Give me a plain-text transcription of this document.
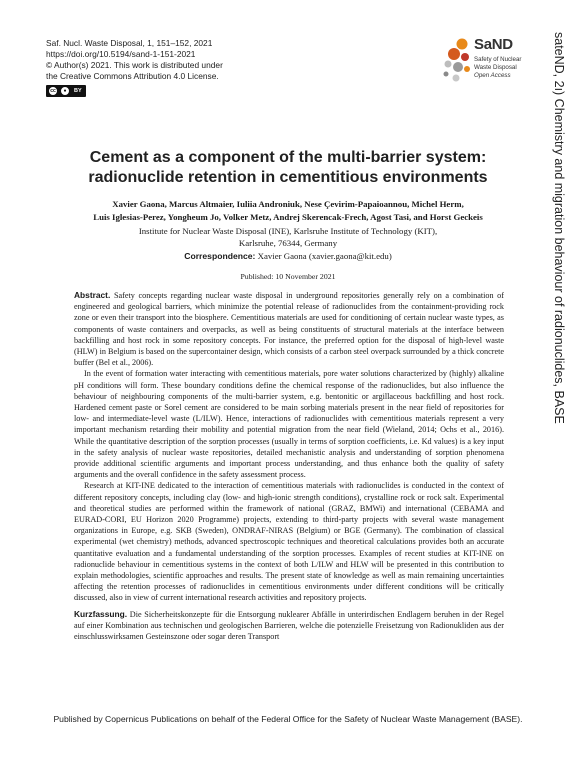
Saf. Nucl. Waste Disposal, 1, 151–152, 2021
https://doi.org/10.5194/sand-1-151-2021
© Author(s) 2021. This work is distributed under
the Creative Commons Attribution 4.0 License.
cc	●	BY
SaND
Safety of Nuclear
Waste Disposal
Open Access	sateND, 2ı) Chemistry and migration behaviour of radionuclides, BASE
Cement as a component of the multi-barrier system:
radionuclide retention in cementitious environments
Xavier Gaona, Marcus Altmaier, Iuliia Androniuk, Nese Çevirim-Papaioannou, Michel Herm,
Luis Iglesias-Perez, Yongheum Jo, Volker Metz, Andrej Skerencak-Frech, Agost Tasi, and Horst Geckeis
Institute for Nuclear Waste Disposal (INE), Karlsruhe Institute of Technology (KIT),
Karlsruhe, 76344, Germany
Correspondence: Xavier Gaona (xavier.gaona@kit.edu)
Published: 10 November 2021

Abstract. Safety concepts regarding nuclear waste disposal in underground repositories generally rely on a combination of engineered and geological barriers, which minimize the potential release of radionuclides from the containment-providing rock zone or even their transport into the biosphere. Cementitious materials are used for conditioning of certain nuclear waste types, as components of waste containers and overpacks, as well as being constituents of structural materials at the interface between backfilling and host rock in some repository concepts. For instance, the preferred option for the disposal of high-level waste (HLW) in Belgium is based on the supercontainer design, which consists of a carbon steel overpack surrounded by a thick concrete buffer (Bel et al., 2006).

In the event of formation water interacting with cementitious materials, pore water solutions characterized by (highly) alkaline pH conditions will form. These boundary conditions define the chemical response of the radionuclides, but also influence the behaviour of neighbouring components of the multi-barrier system, e.g. bentonitic or argillaceous backfilling and host rock. Hardened cement paste or Sorel cement are considered to be main sorbing materials present in the near field of repositories for low- and intermediate-level waste (L/ILW). Hence, interactions of radionuclides with cementitious materials represent a very important mechanism retarding their mobility and potential migration from the near field (Wieland, 2014; Ochs et al., 2016). While the quantitative description of the sorption processes (usually in terms of sorption coefficients, i.e. Kd values) is a key input in the safety analysis of nuclear waste repositories, detailed mechanistic analysis and understanding of sorption phenomena provide additional scientific arguments and important process understanding, and thus enhance both the quality of safety arguments and the overall confidence in the safety assessment process.

Research at KIT-INE dedicated to the interaction of cementitious materials with radionuclides is conducted in the context of different repository concepts, including clay (low- and high-ionic strength conditions), crystalline rock or rock salt. Experimental and theoretical studies are performed within the framework of national (GRAZ, BMWi) and international (CEBAMA and EURAD-CORI, EU Horizon 2020 Programme) projects, extending to third-party projects with several waste management organizations in Europe, e.g. SKB (Sweden), ONDRAF-NIRAS (Belgium) or BGE (Germany). The combination of classical experimental (wet chemistry) methods, advanced spectroscopic techniques and theoretical calculations provides both an accurate quantitative evaluation and a fundamental understanding of the sorption processes. Examples of recent studies at KIT-INE on radionuclide behaviour in cementitious systems in the context of both L/ILW and HLW will be presented in this contribution to explain methodologies, scientific approaches and results. The present state of knowledge as well as main remaining uncertainties affecting the retention processes of radionuclides in cementitious environments under different conditions will be critically discussed, also in view of current international research activities and repository projects.

Kurzfassung. Die Sicherheitskonzepte für die Entsorgung nuklearer Abfälle in unterirdischen Endlagern beruhen in der Regel auf einer Kombination aus technischen und geologischen Barrieren, welche die potenzielle Freisetzung von Radionukliden aus der einschlusswirksamen Gesteinszone oder sogar deren Transport

Published by Copernicus Publications on behalf of the Federal Office for the Safety of Nuclear Waste Management (BASE).
